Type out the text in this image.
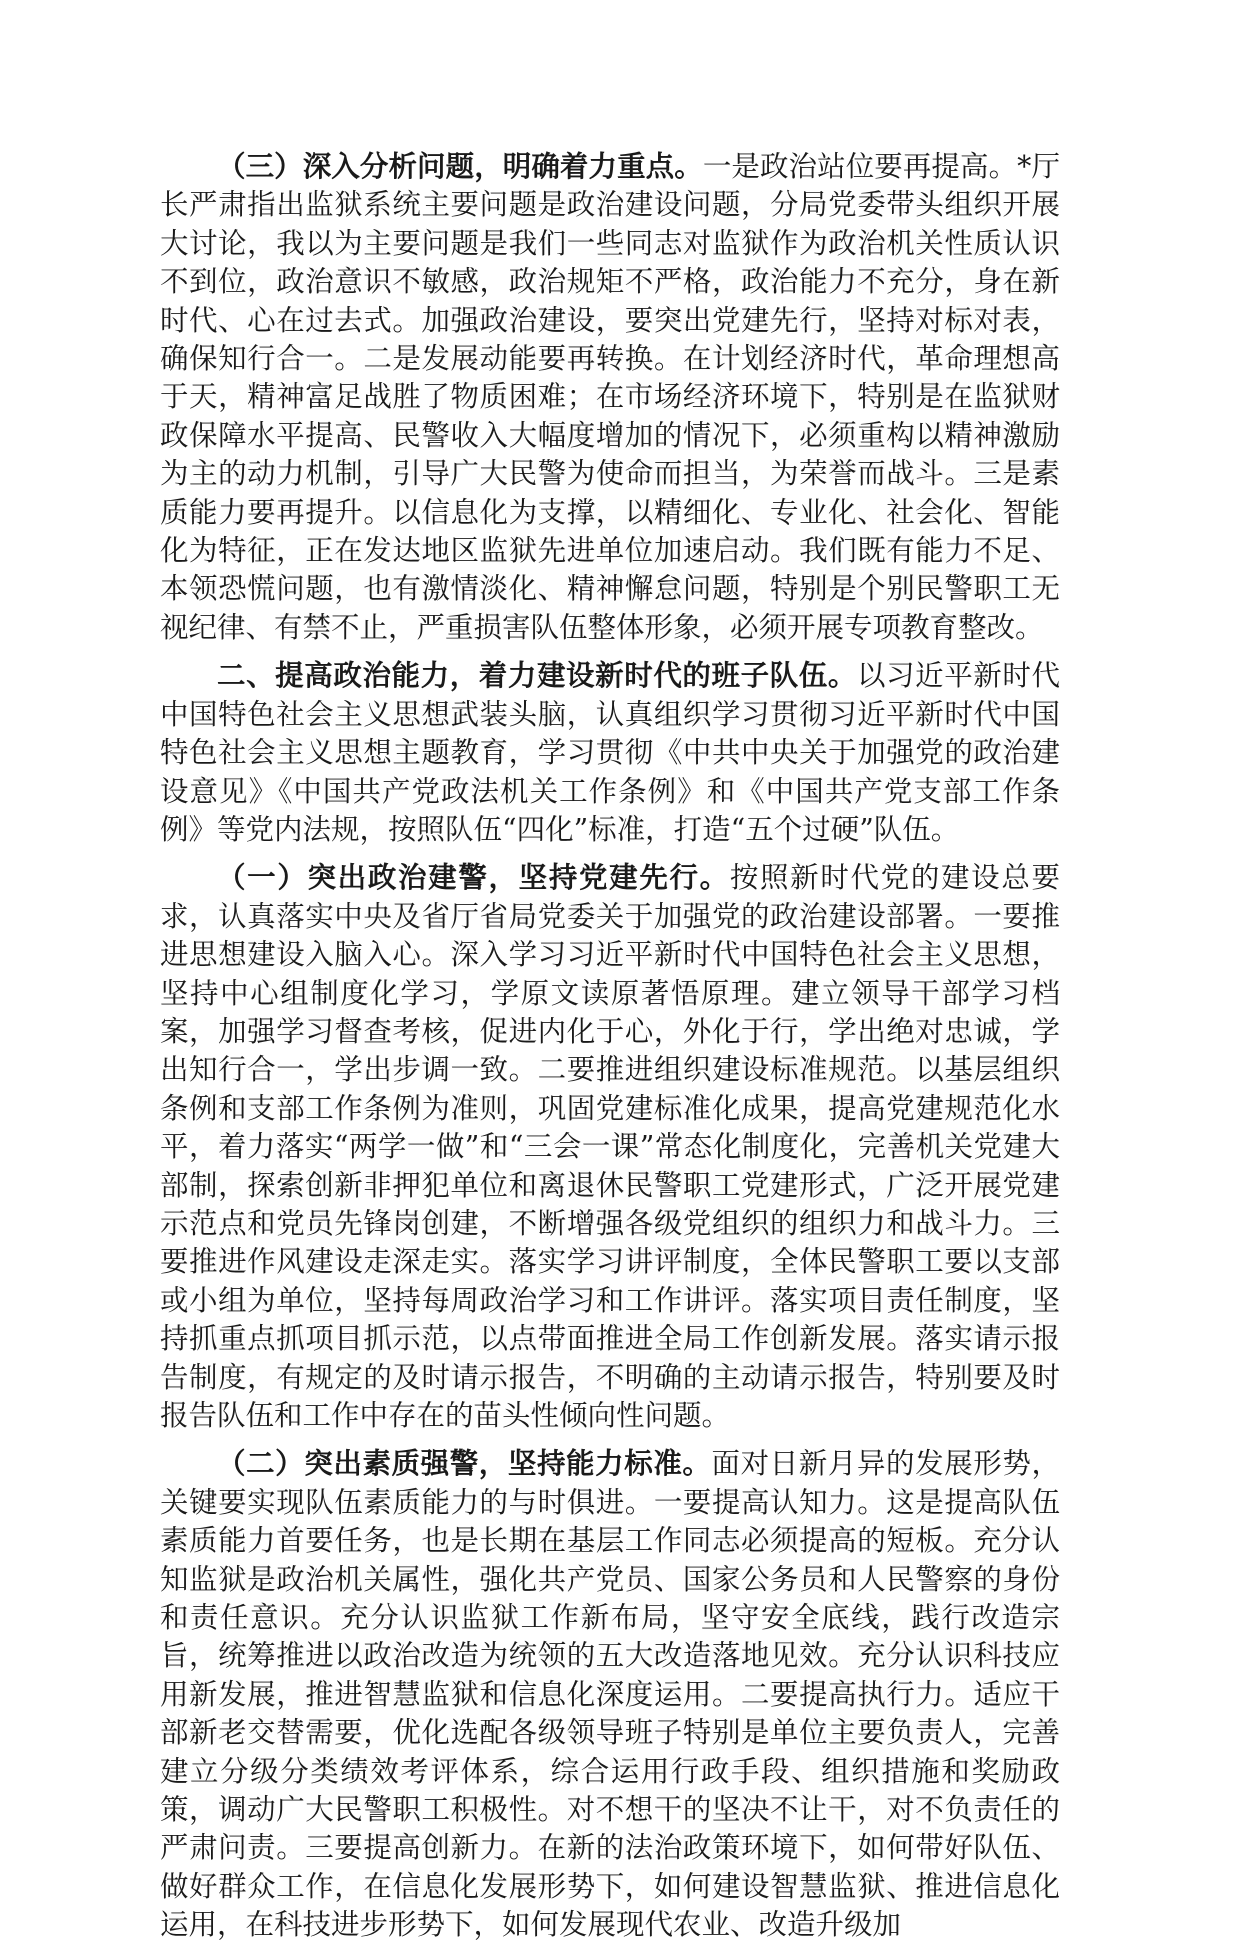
（三）深入分析问题，明确着力重点。一是政治站位要再提高。*厅长严肃指出监狱系统主要问题是政治建设问题，分局党委带头组织开展大讨论，我以为主要问题是我们一些同志对监狱作为政治机关性质认识不到位，政治意识不敏感，政治规矩不严格，政治能力不充分，身在新时代、心在过去式。加强政治建设，要突出党建先行，坚持对标对表，确保知行合一。二是发展动能要再转换。在计划经济时代，革命理想高于天，精神富足战胜了物质困难；在市场经济环境下，特别是在监狱财政保障水平提高、民警收入大幅度增加的情况下，必须重构以精神激励为主的动力机制，引导广大民警为使命而担当，为荣誉而战斗。三是素质能力要再提升。以信息化为支撑，以精细化、专业化、社会化、智能化为特征，正在发达地区监狱先进单位加速启动。我们既有能力不足、本领恐慌问题，也有激情淡化、精神懈怠问题，特别是个别民警职工无视纪律、有禁不止，严重损害队伍整体形象，必须开展专项教育整改。

二、提高政治能力，着力建设新时代的班子队伍。以习近平新时代中国特色社会主义思想武装头脑，认真组织学习贯彻习近平新时代中国特色社会主义思想主题教育，学习贯彻《中共中央关于加强党的政治建设意见》《中国共产党政法机关工作条例》和《中国共产党支部工作条例》等党内法规，按照队伍“四化”标准，打造“五个过硬”队伍。

（一）突出政治建警，坚持党建先行。按照新时代党的建设总要求，认真落实中央及省厅省局党委关于加强党的政治建设部署。一要推进思想建设入脑入心。深入学习习近平新时代中国特色社会主义思想，坚持中心组制度化学习，学原文读原著悟原理。建立领导干部学习档案，加强学习督查考核，促进内化于心，外化于行，学出绝对忠诚，学出知行合一，学出步调一致。二要推进组织建设标准规范。以基层组织条例和支部工作条例为准则，巩固党建标准化成果，提高党建规范化水平，着力落实“两学一做”和“三会一课”常态化制度化，完善机关党建大部制，探索创新非押犯单位和离退休民警职工党建形式，广泛开展党建示范点和党员先锋岗创建，不断增强各级党组织的组织力和战斗力。三要推进作风建设走深走实。落实学习讲评制度，全体民警职工要以支部或小组为单位，坚持每周政治学习和工作讲评。落实项目责任制度，坚持抓重点抓项目抓示范，以点带面推进全局工作创新发展。落实请示报告制度，有规定的及时请示报告，不明确的主动请示报告，特别要及时报告队伍和工作中存在的苗头性倾向性问题。

（二）突出素质强警，坚持能力标准。面对日新月异的发展形势，关键要实现队伍素质能力的与时俱进。一要提高认知力。这是提高队伍素质能力首要任务，也是长期在基层工作同志必须提高的短板。充分认知监狱是政治机关属性，强化共产党员、国家公务员和人民警察的身份和责任意识。充分认识监狱工作新布局，坚守安全底线，践行改造宗旨，统筹推进以政治改造为统领的五大改造落地见效。充分认识科技应用新发展，推进智慧监狱和信息化深度运用。二要提高执行力。适应干部新老交替需要，优化选配各级领导班子特别是单位主要负责人，完善建立分级分类绩效考评体系，综合运用行政手段、组织措施和奖励政策，调动广大民警职工积极性。对不想干的坚决不让干，对不负责任的严肃问责。三要提高创新力。在新的法治政策环境下，如何带好队伍、做好群众工作，在信息化发展形势下，如何建设智慧监狱、推进信息化运用，在科技进步形势下，如何发展现代农业、改造升级加
